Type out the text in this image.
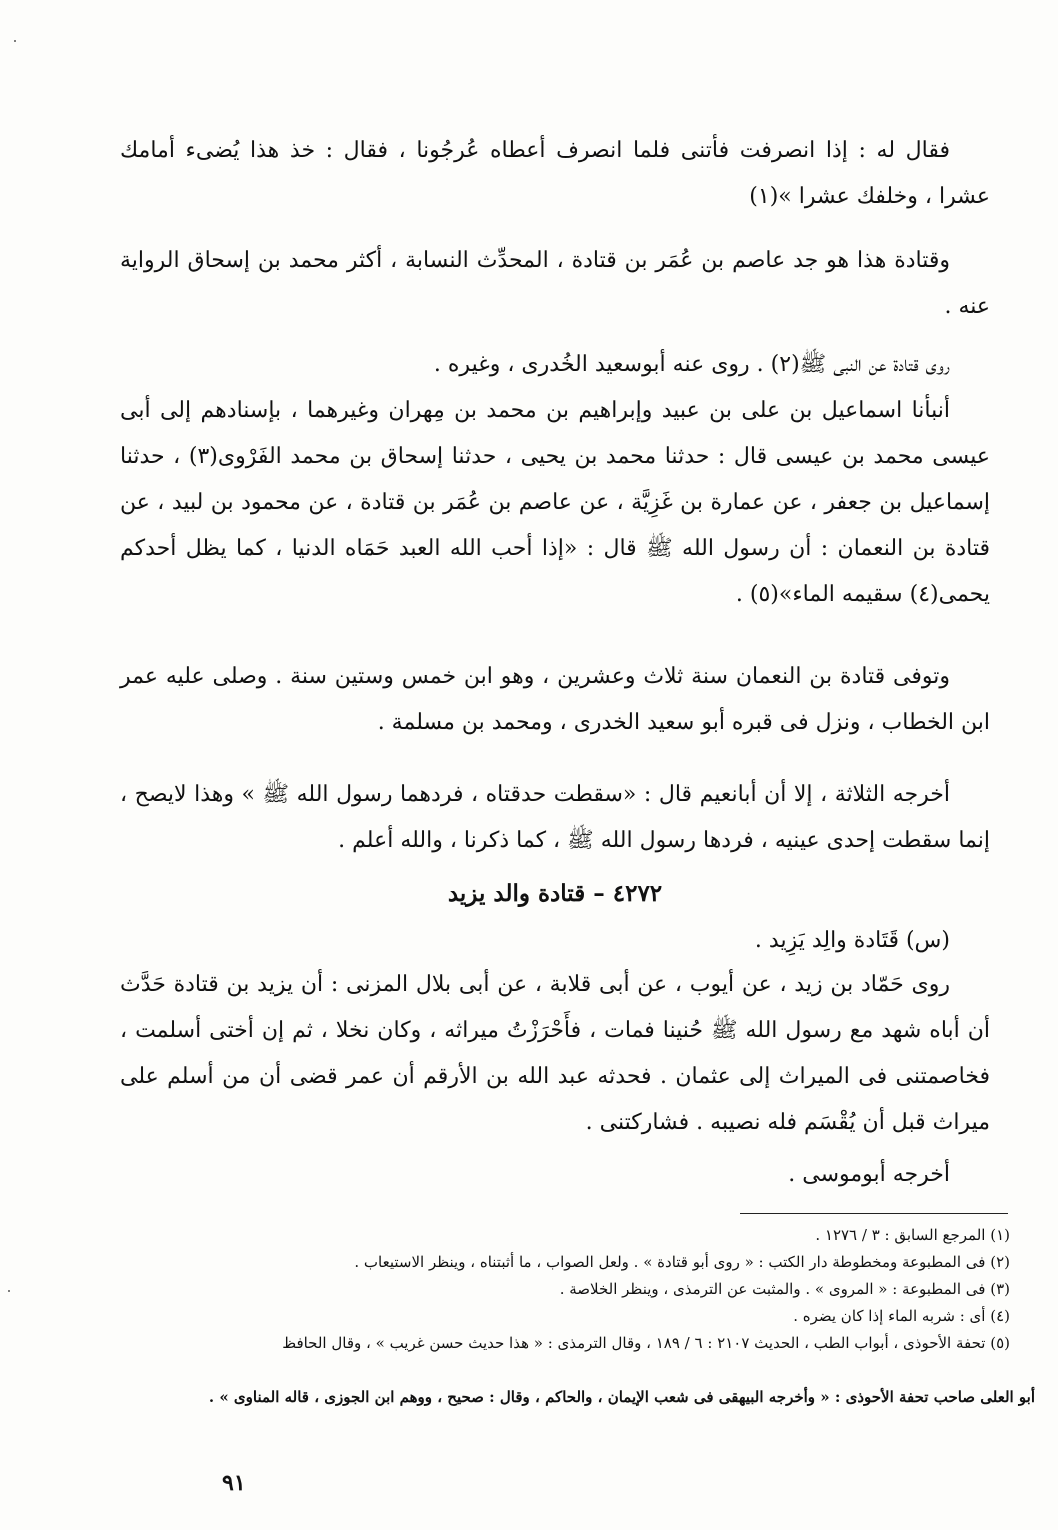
فقال له : إذا انصرفت فأتنى فلما انصرف أعطاه عُرجُونا ، فقال : خذ هذا يُضىء أمامك عشرا ، وخلفك عشرا »(١)
وقتادة هذا هو جد عاصم بن عُمَر بن قتادة ، المحدِّث النسابة ، أكثر محمد بن إسحاق الرواية عنه .
روى قتادة عن النبى ﷺ(٢) . روى عنه أبوسعيد الخُدرى ، وغيره .
أنبأنا اسماعيل بن على بن عبيد وإبراهيم بن محمد بن مِهران وغيرهما ، بإسنادهم إلى أبى عيسى محمد بن عيسى قال : حدثنا محمد بن يحيى ، حدثنا إسحاق بن محمد الفَرْوى(٣) ، حدثنا إسماعيل بن جعفر ، عن عمارة بن غَزِيَّة ، عن عاصم بن عُمَر بن قتادة ، عن محمود بن لبيد ، عن قتادة بن النعمان : أن رسول الله ﷺ قال : «إذا أحب الله العبد حَمَاه الدنيا ، كما يظل أحدكم يحمى(٤) سقيمه الماء»(٥) .
وتوفى قتادة بن النعمان سنة ثلاث وعشرين ، وهو ابن خمس وستين سنة . وصلى عليه عمر ابن الخطاب ، ونزل فى قبره أبو سعيد الخدرى ، ومحمد بن مسلمة .
أخرجه الثلاثة ، إلا أن أبانعيم قال : «سقطت حدقتاه ، فردهما رسول الله ﷺ » وهذا لايصح ، إنما سقطت إحدى عينيه ، فردها رسول الله ﷺ ، كما ذكرنا ، والله أعلم .
٤٢٧٢ – قتادة والد يزيد
(س) قَتَادة والِد يَزِيد .
روى حَمّاد بن زيد ، عن أيوب ، عن أبى قلابة ، عن أبى بلال المزنى : أن يزيد بن قتادة حَدَّث أن أباه شهد مع رسول الله ﷺ حُنينا فمات ، فأَحْرَزْتُ ميراثه ، وكان نخلا ، ثم إن أختى أسلمت ، فخاصمتنى فى الميراث إلى عثمان . فحدثه عبد الله بن الأرقم أن عمر قضى أن من أسلم على ميراث قبل أن يُقْسَم فله نصيبه . فشاركتنى .
أخرجه أبوموسى .

(١) المرجع السابق : ٣ / ١٢٧٦ .

(٢) فى المطبوعة ومخطوطة دار الكتب : « روى أبو قتادة » . ولعل الصواب ، ما أثبتناه ، وينظر الاستيعاب .

(٣) فى المطبوعة : « المروى » . والمثبت عن الترمذى ، وينظر الخلاصة .

(٤) أى : شربه الماء إذا كان يضره .

(٥) تحفة الأحوذى ، أبواب الطب ، الحديث ٢١٠٧ : ٦ / ١٨٩ ، وقال الترمذى : « هذا حديث حسن غريب » ، وقال الحافظ

أبو العلى صاحب تحفة الأحوذى : « وأخرجه البيهقى فى شعب الإيمان ، والحاكم ، وقال : صحيح ، ووهم ابن الجوزى ، قاله المناوى » .
٩١
